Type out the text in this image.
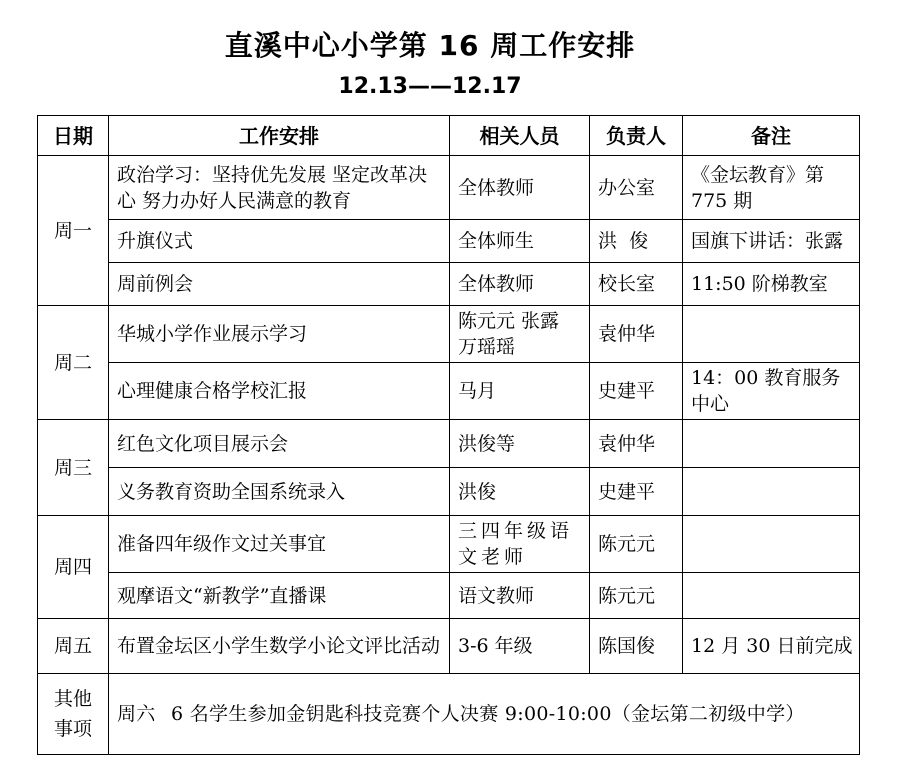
直溪中心小学第 16 周工作安排
12.13——12.17
日期	工作安排	相关人员	负责人	备注
周一	政治学习：坚持优先发展 坚定改革决心 努力办好人民满意的教育	全体教师	办公室	《金坛教育》第 775 期
	升旗仪式	全体师生	洪  俊	国旗下讲话：张露
	周前例会	全体教师	校长室	11:50 阶梯教室
周二	华城小学作业展示学习	陈元元 张露 万瑶瑶	袁仲华	
	心理健康合格学校汇报	马月	史建平	14：00 教育服务中心
周三	红色文化项目展示会	洪俊等	袁仲华	
	义务教育资助全国系统录入	洪俊	史建平	
周四	准备四年级作文过关事宜	三四年级语文老师	陈元元	
	观摩语文“新教学”直播课	语文教师	陈元元	
周五	布置金坛区小学生数学小论文评比活动	3-6 年级	陈国俊	12 月 30 日前完成
其他事项	周六 6 名学生参加金钥匙科技竞赛个人决赛 9:00-10:00（金坛第二初级中学）			
